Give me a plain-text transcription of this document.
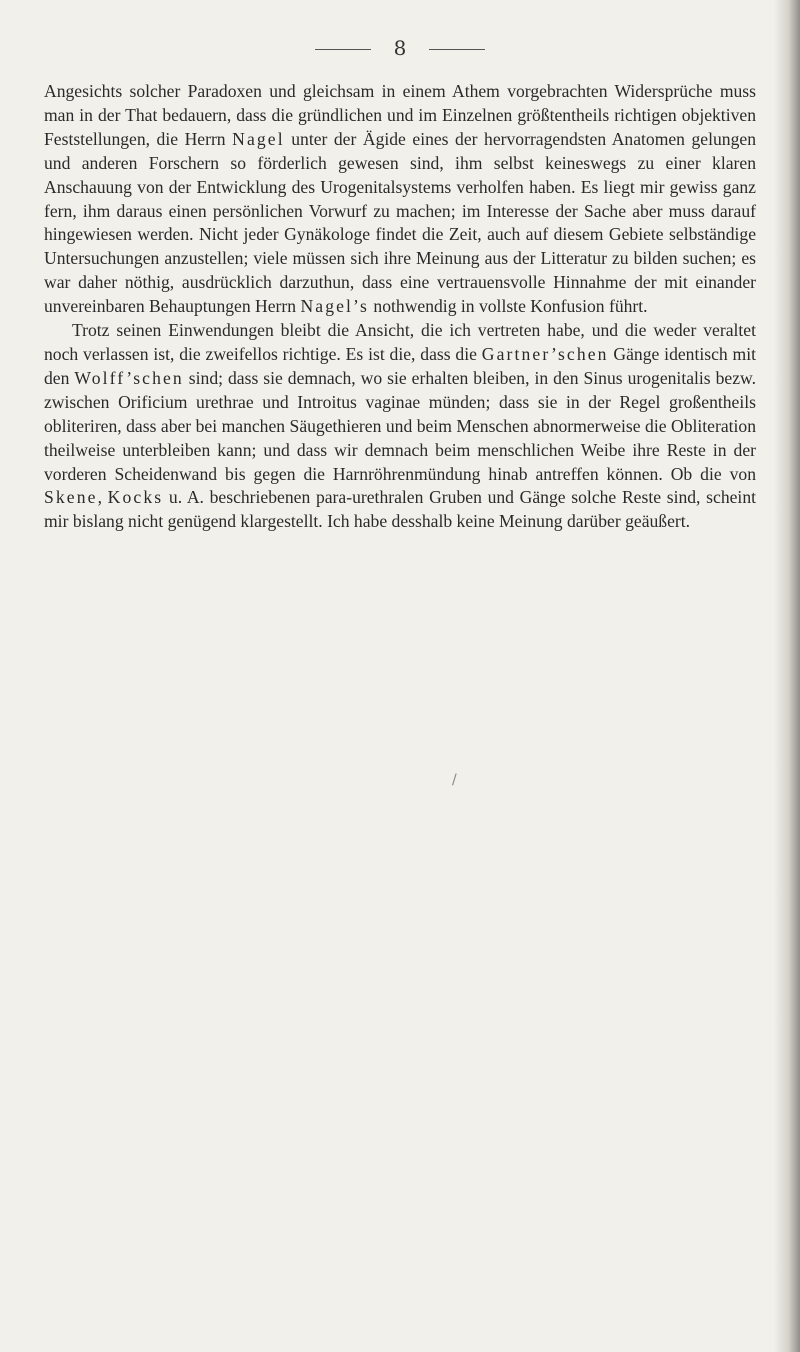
8

Angesichts solcher Paradoxen und gleichsam in einem Athem vorgebrachten Widersprüche muss man in der That bedauern, dass die gründlichen und im Einzelnen größtentheils richtigen objektiven Feststellungen, die Herrn Nagel unter der Ägide eines der hervorragendsten Anatomen gelungen und anderen Forschern so förderlich gewesen sind, ihm selbst keineswegs zu einer klaren Anschauung von der Entwicklung des Urogenitalsystems verholfen haben. Es liegt mir gewiss ganz fern, ihm daraus einen persönlichen Vorwurf zu machen; im Interesse der Sache aber muss darauf hingewiesen werden. Nicht jeder Gynäkologe findet die Zeit, auch auf diesem Gebiete selbständige Untersuchungen anzustellen; viele müssen sich ihre Meinung aus der Litteratur zu bilden suchen; es war daher nöthig, ausdrücklich darzuthun, dass eine vertrauensvolle Hinnahme der mit einander unvereinbaren Behauptungen Herrn Nagel’s nothwendig in vollste Konfusion führt.

Trotz seinen Einwendungen bleibt die Ansicht, die ich vertreten habe, und die weder veraltet noch verlassen ist, die zweifellos richtige. Es ist die, dass die Gartner’schen Gänge identisch mit den Wolff’schen sind; dass sie demnach, wo sie erhalten bleiben, in den Sinus urogenitalis bezw. zwischen Orificium urethrae und Introitus vaginae münden; dass sie in der Regel großentheils obliteriren, dass aber bei manchen Säugethieren und beim Menschen abnormerweise die Obliteration theilweise unterbleiben kann; und dass wir demnach beim menschlichen Weibe ihre Reste in der vorderen Scheidenwand bis gegen die Harnröhrenmündung hinab antreffen können. Ob die von Skene, Kocks u. A. beschriebenen para-urethralen Gruben und Gänge solche Reste sind, scheint mir bislang nicht genügend klargestellt. Ich habe desshalb keine Meinung darüber geäußert.

/
